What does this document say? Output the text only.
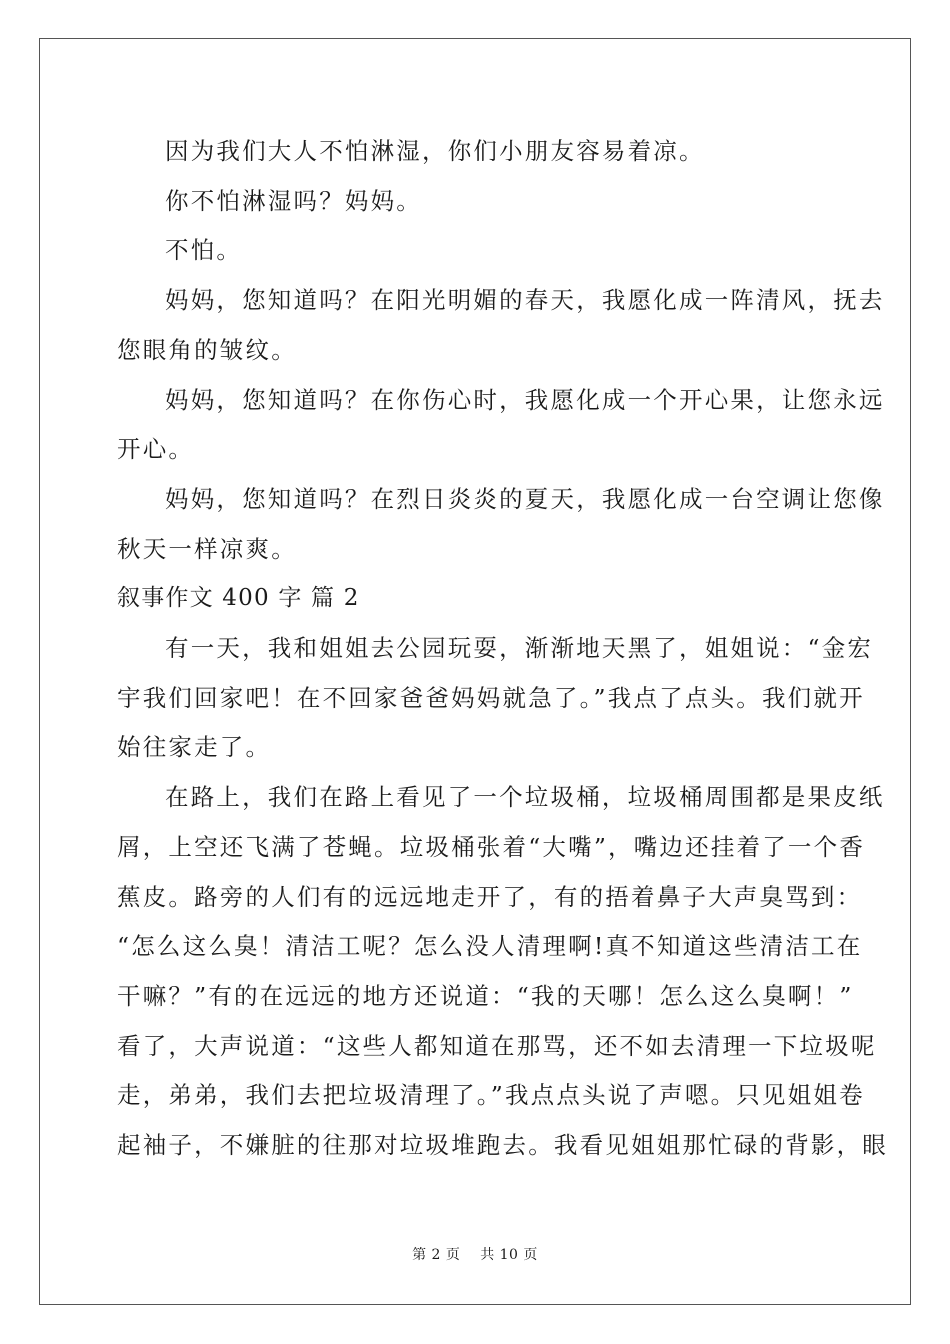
因为我们大人不怕淋湿，你们小朋友容易着凉。

你不怕淋湿吗？妈妈。

不怕。

妈妈，您知道吗？在阳光明媚的春天，我愿化成一阵清风，抚去

您眼角的皱纹。

妈妈，您知道吗？在你伤心时，我愿化成一个开心果，让您永远

开心。

妈妈，您知道吗？在烈日炎炎的夏天，我愿化成一台空调让您像

秋天一样凉爽。

叙事作文 400 字 篇 2

有一天，我和姐姐去公园玩耍，渐渐地天黑了，姐姐说：“金宏

宇我们回家吧！在不回家爸爸妈妈就急了。”我点了点头。我们就开

始往家走了。

在路上，我们在路上看见了一个垃圾桶，垃圾桶周围都是果皮纸

屑，上空还飞满了苍蝇。垃圾桶张着“大嘴”，嘴边还挂着了一个香

蕉皮。路旁的人们有的远远地走开了，有的捂着鼻子大声臭骂到：

“怎么这么臭！清洁工呢？怎么没人清理啊!真不知道这些清洁工在

干嘛？”有的在远远的地方还说道：“我的天哪！怎么这么臭啊！”

看了，大声说道：“这些人都知道在那骂，还不如去清理一下垃圾呢

走，弟弟，我们去把垃圾清理了。”我点点头说了声嗯。只见姐姐卷

起袖子，不嫌脏的往那对垃圾堆跑去。我看见姐姐那忙碌的背影，眼

第 2 页 共 10 页
